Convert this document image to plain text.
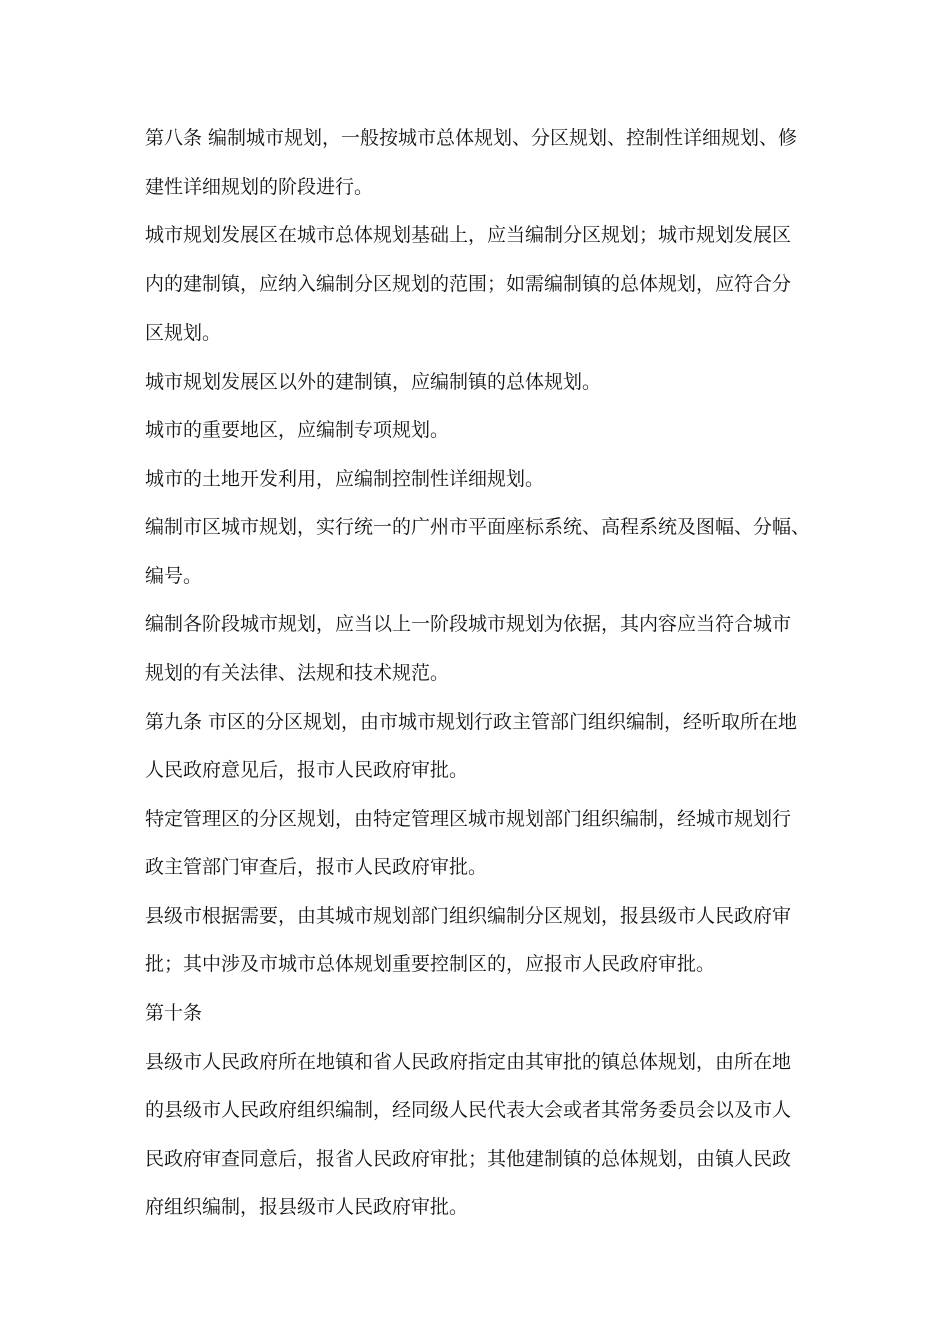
第八条 编制城市规划，一般按城市总体规划、分区规划、控制性详细规划、修
建性详细规划的阶段进行。
城市规划发展区在城市总体规划基础上，应当编制分区规划；城市规划发展区
内的建制镇，应纳入编制分区规划的范围；如需编制镇的总体规划，应符合分
区规划。
城市规划发展区以外的建制镇，应编制镇的总体规划。
城市的重要地区，应编制专项规划。
城市的土地开发利用，应编制控制性详细规划。
编制市区城市规划，实行统一的广州市平面座标系统、高程系统及图幅、分幅、
编号。
编制各阶段城市规划，应当以上一阶段城市规划为依据，其内容应当符合城市
规划的有关法律、法规和技术规范。
第九条 市区的分区规划，由市城市规划行政主管部门组织编制，经听取所在地
人民政府意见后，报市人民政府审批。
特定管理区的分区规划，由特定管理区城市规划部门组织编制，经城市规划行
政主管部门审查后，报市人民政府审批。
县级市根据需要，由其城市规划部门组织编制分区规划，报县级市人民政府审
批；其中涉及市城市总体规划重要控制区的，应报市人民政府审批。
第十条
县级市人民政府所在地镇和省人民政府指定由其审批的镇总体规划，由所在地
的县级市人民政府组织编制，经同级人民代表大会或者其常务委员会以及市人
民政府审查同意后，报省人民政府审批；其他建制镇的总体规划，由镇人民政
府组织编制，报县级市人民政府审批。
